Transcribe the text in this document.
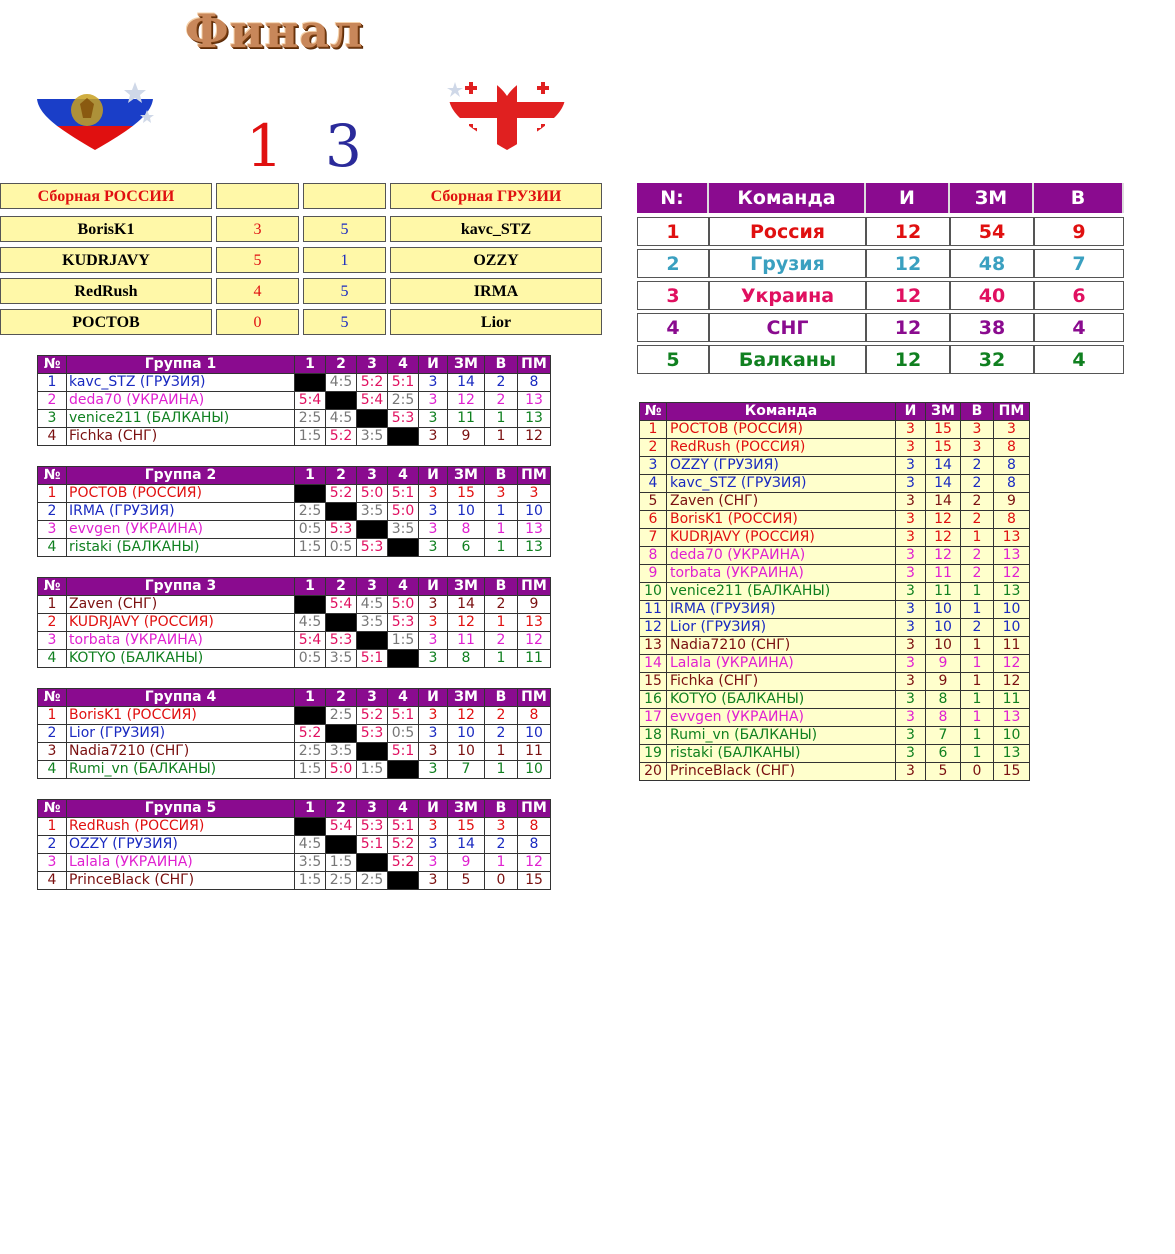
Финал
1 3
Сборная РОССИИ	Сборная ГРУЗИИ

BorisK1	3	5	kavc_STZ

KUDRJAVY	5	1	OZZY

RedRush	4	5	IRMA

РОСТОВ	0	5	Lior
N:	Команда	И	ЗМ	В

1	Россия	12	54	9

2	Грузия	12	48	7

3	Украина	12	40	6

4	СНГ	12	38	4

5	Балканы	12	32	4
№	Группа 1	1	2	3	4	И	ЗМ	В	ПМ
1	kavc_STZ (ГРУЗИЯ)		4:5	5:2	5:1	3	14	2	8
2	deda70 (УКРАИНА)	5:4		5:4	2:5	3	12	2	13
3	venice211 (БАЛКАНЫ)	2:5	4:5		5:3	3	11	1	13
4	Fichka (СНГ)	1:5	5:2	3:5		3	9	1	12
№	Группа 2	1	2	3	4	И	ЗМ	В	ПМ
1	РОСТОВ (РОССИЯ)		5:2	5:0	5:1	3	15	3	3
2	IRMA (ГРУЗИЯ)	2:5		3:5	5:0	3	10	1	10
3	evvgen (УКРАИНА)	0:5	5:3		3:5	3	8	1	13
4	ristaki (БАЛКАНЫ)	1:5	0:5	5:3		3	6	1	13
№	Группа 3	1	2	3	4	И	ЗМ	В	ПМ
1	Zaven (СНГ)		5:4	4:5	5:0	3	14	2	9
2	KUDRJAVY (РОССИЯ)	4:5		3:5	5:3	3	12	1	13
3	torbata (УКРАИНА)	5:4	5:3		1:5	3	11	2	12
4	KOTYO (БАЛКАНЫ)	0:5	3:5	5:1		3	8	1	11
№	Группа 4	1	2	3	4	И	ЗМ	В	ПМ
1	BorisK1 (РОССИЯ)		2:5	5:2	5:1	3	12	2	8
2	Lior (ГРУЗИЯ)	5:2		5:3	0:5	3	10	2	10
3	Nadia7210 (СНГ)	2:5	3:5		5:1	3	10	1	11
4	Rumi_vn (БАЛКАНЫ)	1:5	5:0	1:5		3	7	1	10
№	Группа 5	1	2	3	4	И	ЗМ	В	ПМ
1	RedRush (РОССИЯ)		5:4	5:3	5:1	3	15	3	8
2	OZZY (ГРУЗИЯ)	4:5		5:1	5:2	3	14	2	8
3	Lalala (УКРАИНА)	3:5	1:5		5:2	3	9	1	12
4	PrinceBlack (СНГ)	1:5	2:5	2:5		3	5	0	15
№	Команда	И	ЗМ	В	ПМ
1	РОСТОВ (РОССИЯ)	3	15	3	3
2	RedRush (РОССИЯ)	3	15	3	8
3	OZZY (ГРУЗИЯ)	3	14	2	8
4	kavc_STZ (ГРУЗИЯ)	3	14	2	8
5	Zaven (СНГ)	3	14	2	9
6	BorisK1 (РОССИЯ)	3	12	2	8
7	KUDRJAVY (РОССИЯ)	3	12	1	13
8	deda70 (УКРАИНА)	3	12	2	13
9	torbata (УКРАИНА)	3	11	2	12
10	venice211 (БАЛКАНЫ)	3	11	1	13
11	IRMA (ГРУЗИЯ)	3	10	1	10
12	Lior (ГРУЗИЯ)	3	10	2	10
13	Nadia7210 (СНГ)	3	10	1	11
14	Lalala (УКРАИНА)	3	9	1	12
15	Fichka (СНГ)	3	9	1	12
16	KOTYO (БАЛКАНЫ)	3	8	1	11
17	evvgen (УКРАИНА)	3	8	1	13
18	Rumi_vn (БАЛКАНЫ)	3	7	1	10
19	ristaki (БАЛКАНЫ)	3	6	1	13
20	PrinceBlack (СНГ)	3	5	0	15
